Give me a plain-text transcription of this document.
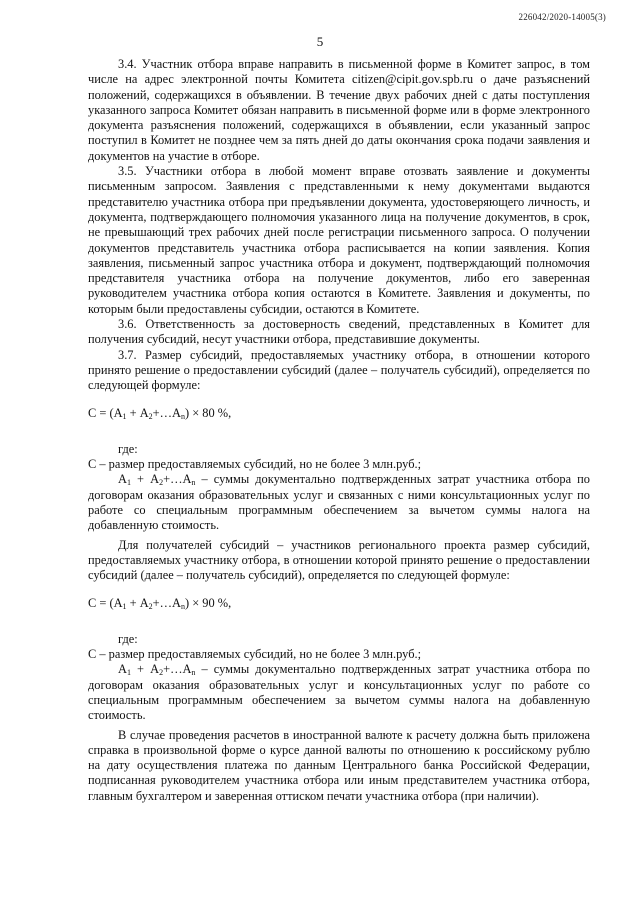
226042/2020-14005(3)
5

3.4. Участник отбора вправе направить в письменной форме в Комитет запрос, в том числе на адрес электронной почты Комитета citizen@cipit.gov.spb.ru о даче разъяснений положений, содержащихся в объявлении. В течение двух рабочих дней с даты поступления указанного запроса Комитет обязан направить в письменной форме или в форме электронного документа разъяснения положений, содержащихся в объявлении, если указанный запрос поступил в Комитет не позднее чем за пять дней до даты окончания срока подачи заявления и документов на участие в отборе.

3.5. Участники отбора в любой момент вправе отозвать заявление и документы письменным запросом. Заявления с представленными к нему документами выдаются представителю участника отбора при предъявлении документа, удостоверяющего личность, и документа, подтверждающего полномочия указанного лица на получение документов, в срок, не превышающий трех рабочих дней после регистрации письменного запроса. О получении документов представитель участника отбора расписывается на копии заявления. Копия заявления, письменный запрос участника отбора и документ, подтверждающий полномочия представителя участника отбора на получение документов, либо его заверенная руководителем участника отбора копия остаются в Комитете. Заявления и документы, по которым были предоставлены субсидии, остаются в Комитете.

3.6. Ответственность за достоверность сведений, представленных в Комитет для получения субсидий, несут участники отбора, представившие документы.

3.7. Размер субсидий, предоставляемых участнику отбора, в отношении которого принято решение о предоставлении субсидий (далее – получатель субсидий), определяется по следующей формуле:

$С = (А_1$ + $А_2+\dots А_n) \times 80$ %,

где:

С – размер предоставляемых субсидий, но не более 3 млн.руб.;

$А_1$ + $А_2+\dots А_n$ – суммы документально подтвержденных затрат участника отбора по договорам оказания образовательных услуг и связанных с ними консультационных услуг по работе со специальным программным обеспечением за вычетом суммы налога на добавленную стоимость.

Для получателей субсидий – участников регионального проекта размер субсидий, предоставляемых участнику отбора, в отношении которой принято решение о предоставлении субсидий (далее – получатель субсидий), определяется по следующей формуле:

$С = (А_1$ + $А_2+\dots А_n) \times 90$ %,

где:

С – размер предоставляемых субсидий, но не более 3 млн.руб.;

$А_1$ + $А_2+\dots А_n$ – суммы документально подтвержденных затрат участника отбора по договорам оказания образовательных услуг и консультационных услуг по работе со специальным программным обеспечением за вычетом суммы налога на добавленную стоимость.

В случае проведения расчетов в иностранной валюте к расчету должна быть приложена справка в произвольной форме о курсе данной валюты по отношению к российскому рублю на дату осуществления платежа по данным Центрального банка Российской Федерации, подписанная руководителем участника отбора или иным представителем участника отбора, главным бухгалтером и заверенная оттиском печати участника отбора (при наличии).
